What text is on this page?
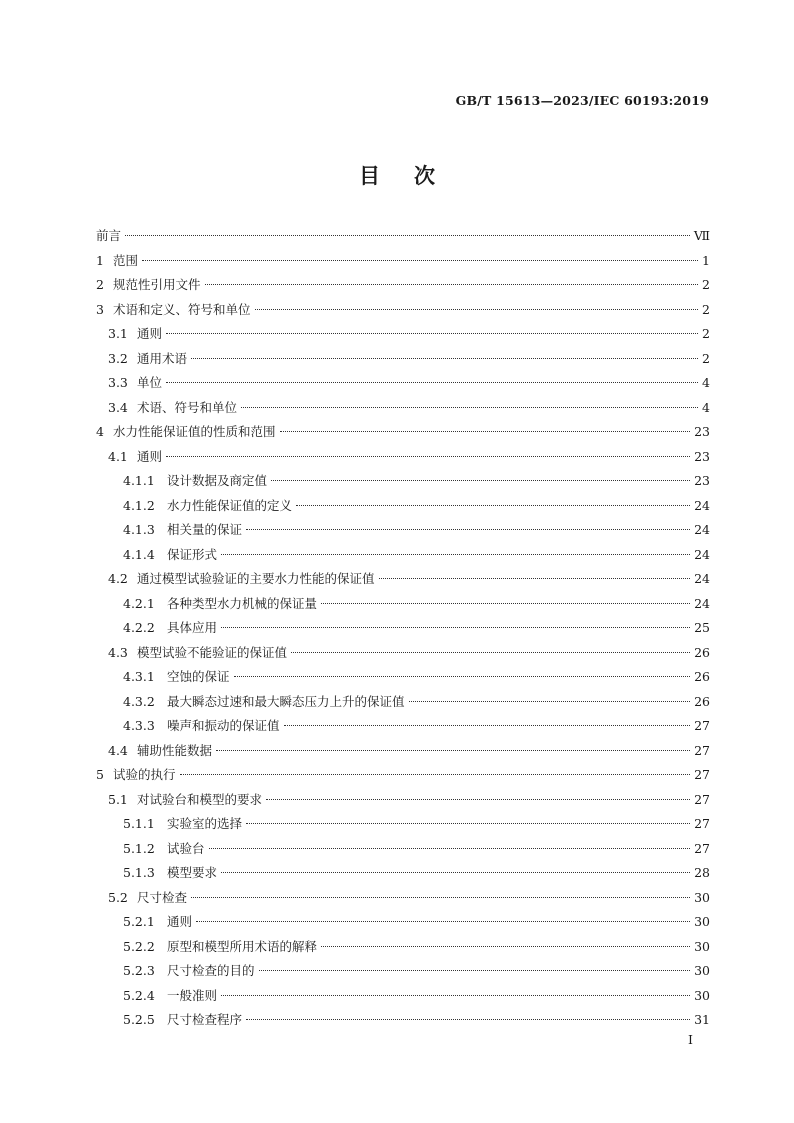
GB/T 15613—2023/IEC 60193:2019
目次
前言	Ⅶ
1 范围	1
2 规范性引用文件	2
3 术语和定义、符号和单位	2
3.1 通则	2
3.2 通用术语	2
3.3 单位	4
3.4 术语、符号和单位	4
4 水力性能保证值的性质和范围	23
4.1 通则	23
4.1.1 设计数据及商定值	23
4.1.2 水力性能保证值的定义	24
4.1.3 相关量的保证	24
4.1.4 保证形式	24
4.2 通过模型试验验证的主要水力性能的保证值	24
4.2.1 各种类型水力机械的保证量	24
4.2.2 具体应用	25
4.3 模型试验不能验证的保证值	26
4.3.1 空蚀的保证	26
4.3.2 最大瞬态过速和最大瞬态压力上升的保证值	26
4.3.3 噪声和振动的保证值	27
4.4 辅助性能数据	27
5 试验的执行	27
5.1 对试验台和模型的要求	27
5.1.1 实验室的选择	27
5.1.2 试验台	27
5.1.3 模型要求	28
5.2 尺寸检查	30
5.2.1 通则	30
5.2.2 原型和模型所用术语的解释	30
5.2.3 尺寸检查的目的	30
5.2.4 一般准则	30
5.2.5 尺寸检查程序	31
Ⅰ
